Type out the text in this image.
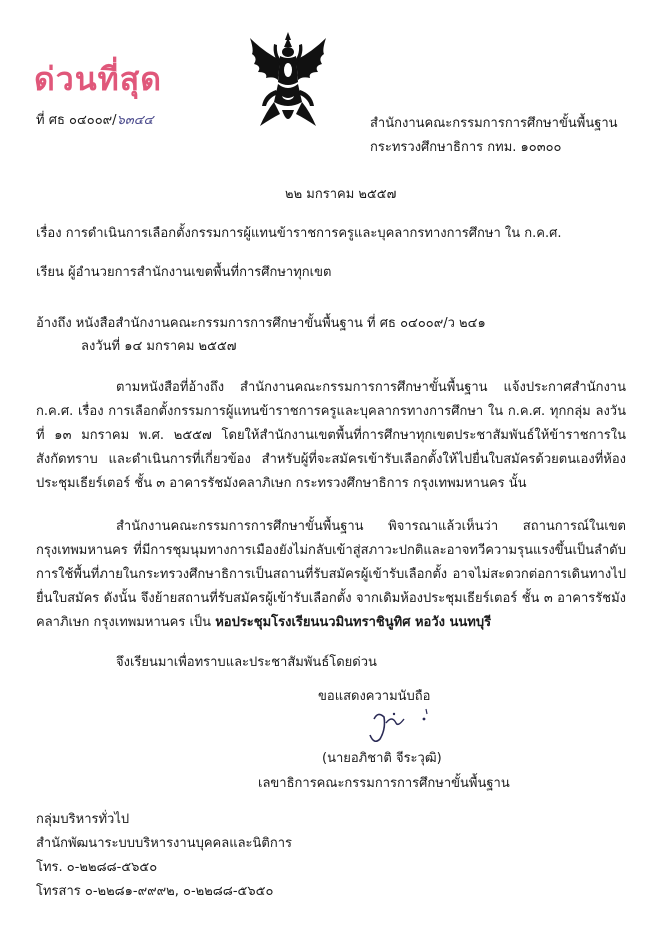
ด่วนที่สุด
ที่ ศธ ๐๔๐๐๙/๖๓๔๔	สำนักงานคณะกรรมการการศึกษาขั้นพื้นฐาน
กระทรวงศึกษาธิการ กทม. ๑๐๓๐๐
๒๒ มกราคม ๒๕๕๗
เรื่อง การดำเนินการเลือกตั้งกรรมการผู้แทนข้าราชการครูและบุคลากรทางการศึกษา ใน ก.ค.ศ.
เรียน ผู้อำนวยการสำนักงานเขตพื้นที่การศึกษาทุกเขต
อ้างถึง หนังสือสำนักงานคณะกรรมการการศึกษาขั้นพื้นฐาน ที่ ศธ ๐๔๐๐๙/ว ๒๔๑
ลงวันที่ ๑๔ มกราคม ๒๕๕๗
ตามหนังสือที่อ้างถึง สำนักงานคณะกรรมการการศึกษาขั้นพื้นฐาน แจ้งประกาศสำนักงาน ก.ค.ศ. เรื่อง การเลือกตั้งกรรมการผู้แทนข้าราชการครูและบุคลากรทางการศึกษา ใน ก.ค.ศ. ทุกกลุ่ม ลงวันที่ ๑๓ มกราคม พ.ศ. ๒๕๕๗ โดยให้สำนักงานเขตพื้นที่การศึกษาทุกเขตประชาสัมพันธ์ให้ข้าราชการในสังกัดทราบ และดำเนินการที่เกี่ยวข้อง สำหรับผู้ที่จะสมัครเข้ารับเลือกตั้งให้ไปยื่นใบสมัครด้วยตนเองที่ห้องประชุมเธียร์เตอร์ ชั้น ๓ อาคารรัชมังคลาภิเษก กระทรวงศึกษาธิการ กรุงเทพมหานคร นั้น
สำนักงานคณะกรรมการการศึกษาขั้นพื้นฐาน พิจารณาแล้วเห็นว่า สถานการณ์ในเขตกรุงเทพมหานคร ที่มีการชุมนุมทางการเมืองยังไม่กลับเข้าสู่สภาวะปกติและอาจทวีความรุนแรงขึ้นเป็นลำดับ การใช้พื้นที่ภายในกระทรวงศึกษาธิการเป็นสถานที่รับสมัครผู้เข้ารับเลือกตั้ง อาจไม่สะดวกต่อการเดินทางไปยื่นใบสมัคร ดังนั้น จึงย้ายสถานที่รับสมัครผู้เข้ารับเลือกตั้ง จากเดิมห้องประชุมเธียร์เตอร์ ชั้น ๓ อาคารรัชมังคลาภิเษก กรุงเทพมหานคร เป็น หอประชุมโรงเรียนนวมินทราชินูทิศ หอวัง นนทบุรี
จึงเรียนมาเพื่อทราบและประชาสัมพันธ์โดยด่วน
ขอแสดงความนับถือ
(นายอภิชาติ จีระวุฒิ)
เลขาธิการคณะกรรมการการศึกษาขั้นพื้นฐาน
กลุ่มบริหารทั่วไป
สำนักพัฒนาระบบบริหารงานบุคคลและนิติการ
โทร. ๐-๒๒๘๘-๕๖๕๐
โทรสาร ๐-๒๒๘๑-๙๙๙๒, ๐-๒๒๘๘-๕๖๕๐
